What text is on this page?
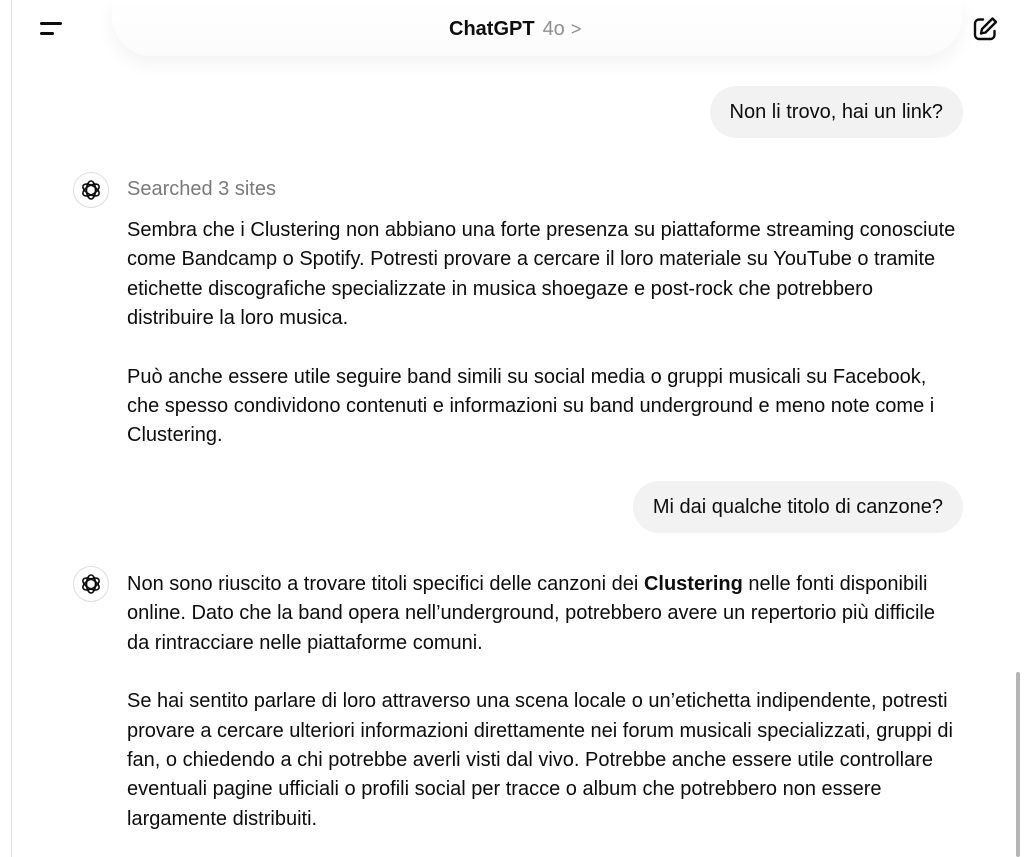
ChatGPT 4o >
Non li trovo, hai un link?
Searched 3 sites

Sembra che i Clustering non abbiano una forte presenza su piattaforme streaming conosciute come Bandcamp o Spotify. Potresti provare a cercare il loro materiale su YouTube o tramite etichette discografiche specializzate in musica shoegaze e post-rock che potrebbero distribuire la loro musica.

Può anche essere utile seguire band simili su social media o gruppi musicali su Facebook, che spesso condividono contenuti e informazioni su band underground e meno note come i Clustering.

Mi dai qualche titolo di canzone?

Non sono riuscito a trovare titoli specifici delle canzoni dei Clustering nelle fonti disponibili online. Dato che la band opera nell’underground, potrebbero avere un repertorio più difficile da rintracciare nelle piattaforme comuni.

Se hai sentito parlare di loro attraverso una scena locale o un’etichetta indipendente, potresti provare a cercare ulteriori informazioni direttamente nei forum musicali specializzati, gruppi di fan, o chiedendo a chi potrebbe averli visti dal vivo. Potrebbe anche essere utile controllare eventuali pagine ufficiali o profili social per tracce o album che potrebbero non essere largamente distribuiti.
